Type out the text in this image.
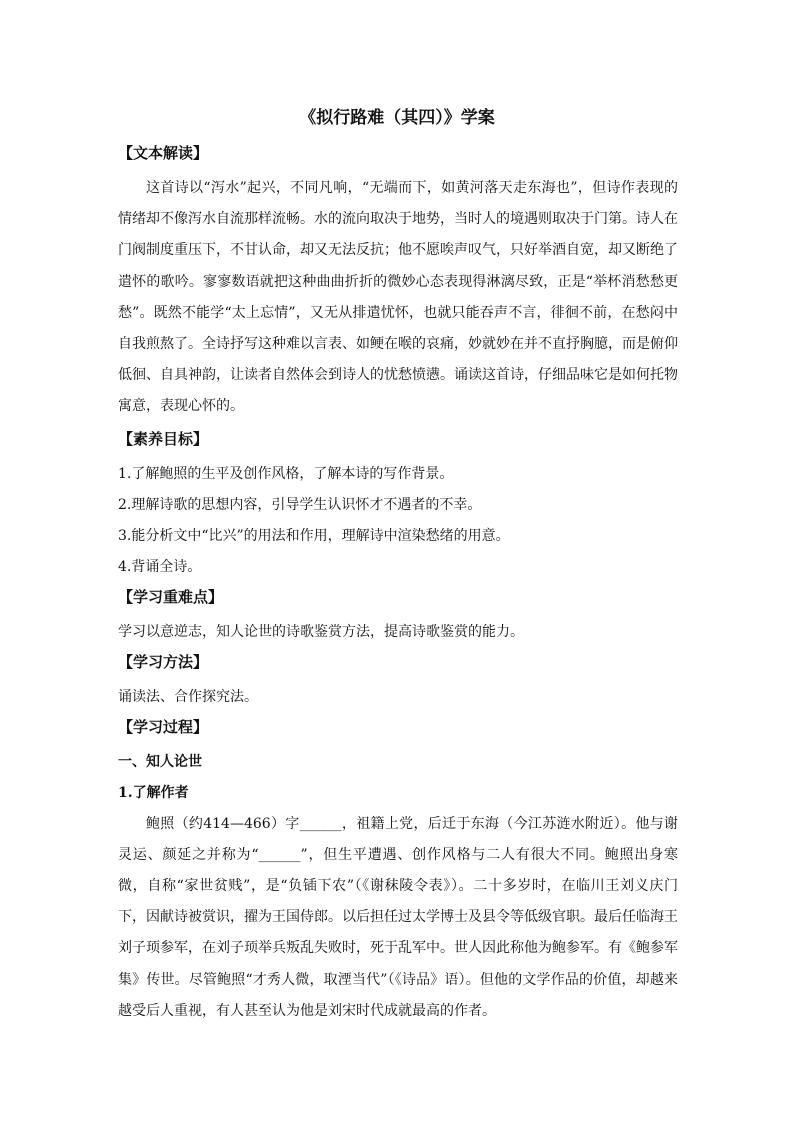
《拟行路难（其四）》学案
【文本解读】

这首诗以“泻水”起兴，不同凡响，“无端而下，如黄河落天走东海也”，但诗作表现的情绪却不像泻水自流那样流畅。水的流向取决于地势，当时人的境遇则取决于门第。诗人在门阀制度重压下，不甘认命，却又无法反抗；他不愿唉声叹气，只好举酒自宽，却又断绝了遣怀的歌吟。寥寥数语就把这种曲曲折折的微妙心态表现得淋漓尽致，正是“举杯消愁愁更愁”。既然不能学“太上忘情”，又无从排遣忧怀，也就只能吞声不言，徘徊不前，在愁闷中自我煎熬了。全诗抒写这种难以言表、如鲠在喉的哀痛，妙就妙在并不直抒胸臆，而是俯仰低徊、自具神韵，让读者自然体会到诗人的忧愁愤懑。诵读这首诗，仔细品味它是如何托物寓意，表现心怀的。

【素养目标】

1.了解鲍照的生平及创作风格，了解本诗的写作背景。

2.理解诗歌的思想内容，引导学生认识怀才不遇者的不幸。

3.能分析文中“比兴”的用法和作用，理解诗中渲染愁绪的用意。

4.背诵全诗。

【学习重难点】

学习以意逆志，知人论世的诗歌鉴赏方法，提高诗歌鉴赏的能力。

【学习方法】

诵读法、合作探究法。

【学习过程】

一、知人论世

1.了解作者

鲍照（约414—466）字______，祖籍上党，后迁于东海（今江苏涟水附近）。他与谢灵运、颜延之并称为“______”，但生平遭遇、创作风格与二人有很大不同。鲍照出身寒微，自称“家世贫贱”，是“负锸下农”（《谢秣陵令表》）。二十多岁时，在临川王刘义庆门下，因献诗被赏识，擢为王国侍郎。以后担任过太学博士及县令等低级官职。最后任临海王刘子顼参军，在刘子顼举兵叛乱失败时，死于乱军中。世人因此称他为鲍参军。有《鲍参军集》传世。尽管鲍照“才秀人微，取湮当代”（《诗品》语）。但他的文学作品的价值，却越来越受后人重视，有人甚至认为他是刘宋时代成就最高的作者。
